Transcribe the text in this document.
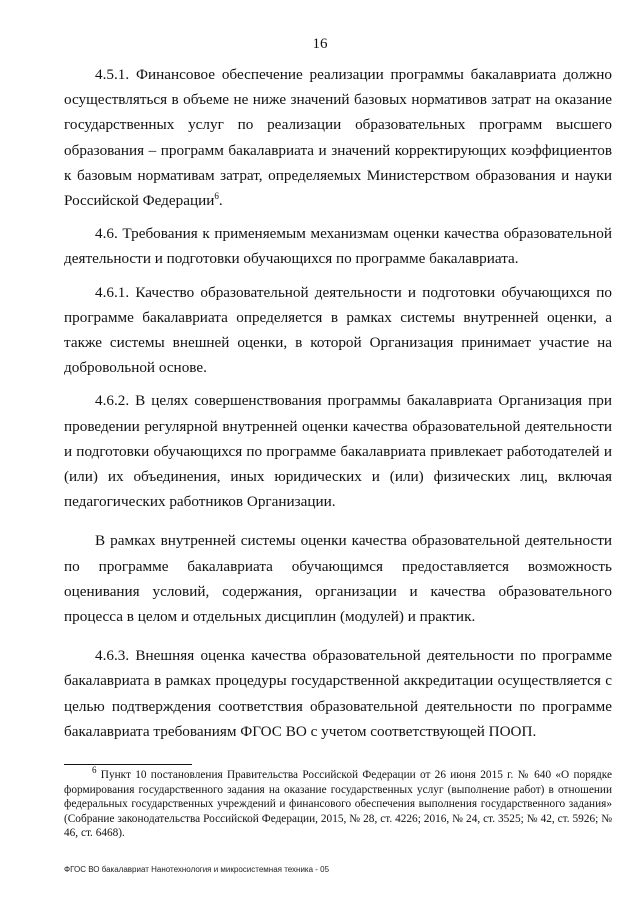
16

4.5.1. Финансовое обеспечение реализации программы бакалавриата должно осуществляться в объеме не ниже значений базовых нормативов затрат на оказание государственных услуг по реализации образовательных программ высшего образования – программ бакалавриата и значений корректирующих коэффициентов к базовым нормативам затрат, определяемых Министерством образования и науки Российской Федерации$^6$.

4.6. Требования к применяемым механизмам оценки качества образовательной деятельности и подготовки обучающихся по программе бакалавриата.

4.6.1. Качество образовательной деятельности и подготовки обучающихся по программе бакалавриата определяется в рамках системы внутренней оценки, а также системы внешней оценки, в которой Организация принимает участие на добровольной основе.

4.6.2. В целях совершенствования программы бакалавриата Организация при проведении регулярной внутренней оценки качества образовательной деятельности и подготовки обучающихся по программе бакалавриата привлекает работодателей и (или) их объединения, иных юридических и (или) физических лиц, включая педагогических работников Организации.

В рамках внутренней системы оценки качества образовательной деятельности по программе бакалавриата обучающимся предоставляется возможность оценивания условий, содержания, организации и качества образовательного процесса в целом и отдельных дисциплин (модулей) и практик.

4.6.3. Внешняя оценка качества образовательной деятельности по программе бакалавриата в рамках процедуры государственной аккредитации осуществляется с целью подтверждения соответствия образовательной деятельности по программе бакалавриата требованиям ФГОС ВО с учетом соответствующей ПООП.

$^6$ Пункт 10 постановления Правительства Российской Федерации от 26 июня 2015 г. № 640 «О порядке формирования государственного задания на оказание государственных услуг (выполнение работ) в отношении федеральных государственных учреждений и финансового обеспечения выполнения государственного задания» (Собрание законодательства Российской Федерации, 2015, № 28, ст. 4226; 2016, № 24, ст. 3525; № 42, ст. 5926; № 46, ст. 6468).

ФГОС ВО бакалавриат Нанотехнология и микросистемная техника - 05
